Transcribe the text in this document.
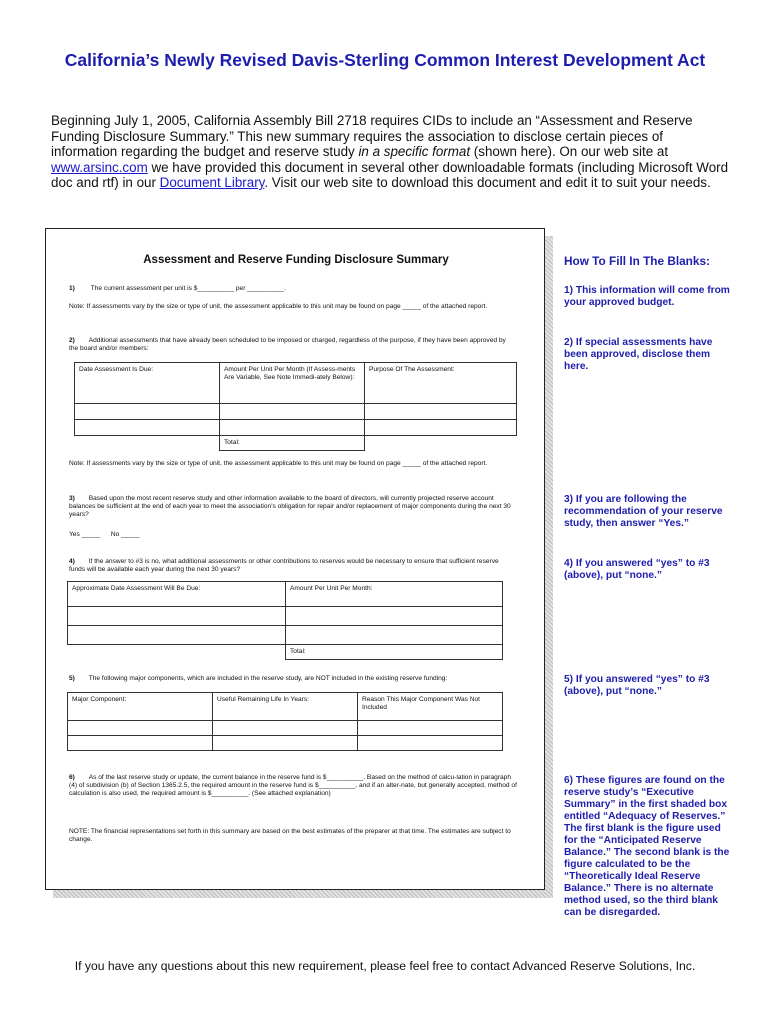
California’s Newly Revised Davis-Sterling Common Interest Development Act
Beginning July 1, 2005, California Assembly Bill 2718 requires CIDs to include an “Assessment and Reserve Funding Disclosure Summary.” This new summary requires the association to disclose certain pieces of information regarding the budget and reserve study in a specific format (shown here). On our web site at www.arsinc.com we have provided this document in several other downloadable formats (including Microsoft Word doc and rtf) in our Document Library. Visit our web site to download this document and edit it to suit your needs.
Assessment and Reserve Funding Disclosure Summary
1) The current assessment per unit is $__________ per __________.
Note: If assessments vary by the size or type of unit, the assessment applicable to this unit may be found on page _____ of the attached report.
2) Additional assessments that have already been scheduled to be imposed or charged, regardless of the purpose, if they have been approved by the board and/or members:
Date Assessment Is Due:	Amount Per Unit Per Month (If Assess-ments Are Variable, See Note Immedi-ately Below):	Purpose Of The Assessment:

	Total:	
Note: If assessments vary by the size or type of unit, the assessment applicable to this unit may be found on page _____ of the attached report.
3) Based upon the most recent reserve study and other information available to the board of directors, will currently projected reserve account balances be sufficient at the end of each year to meet the association's obligation for repair and/or replacement of major components during the next 30 years?
Yes _____      No _____
4) If the answer to #3 is no, what additional assessments or other contributions to reserves would be necessary to ensure that sufficient reserve funds will be available each year during the next 30 years?
Approximate Date Assessment Will Be Due:	Amount Per Unit Per Month:

	Total:
5) The following major components, which are included in the reserve study, are NOT included in the existing reserve funding:
Major Component:	Useful Remaining Life In Years:	Reason This Major Component Was Not Included

6) As of the last reserve study or update, the current balance in the reserve fund is $__________. Based on the method of calcu-lation in paragraph (4) of subdivision (b) of Section 1365.2.5, the required amount in the reserve fund is $__________, and if an alter-nate, but generally accepted, method of calculation is also used, the required amount is $__________. (See attached explanation)
NOTE: The financial representations set forth in this summary are based on the best estimates of the preparer at that time. The estimates are subject to change.
How To Fill In The Blanks:
1) This information will come from your approved budget.
2) If special assessments have been approved, disclose them here.
3) If you are following the recommendation of your reserve study, then answer “Yes.”
4) If you answered “yes” to #3 (above), put “none.”
5) If you answered “yes” to #3 (above), put “none.”
6) These figures are found on the reserve study’s “Executive Summary” in the first shaded box entitled “Adequacy of Reserves.” The first blank is the figure used for the “Anticipated Reserve Balance.” The second blank is the figure calculated to be the “Theoretically Ideal Reserve Balance.” There is no alternate method used, so the third blank can be disregarded.
If you have any questions about this new requirement, please feel free to contact Advanced Reserve Solutions, Inc.
